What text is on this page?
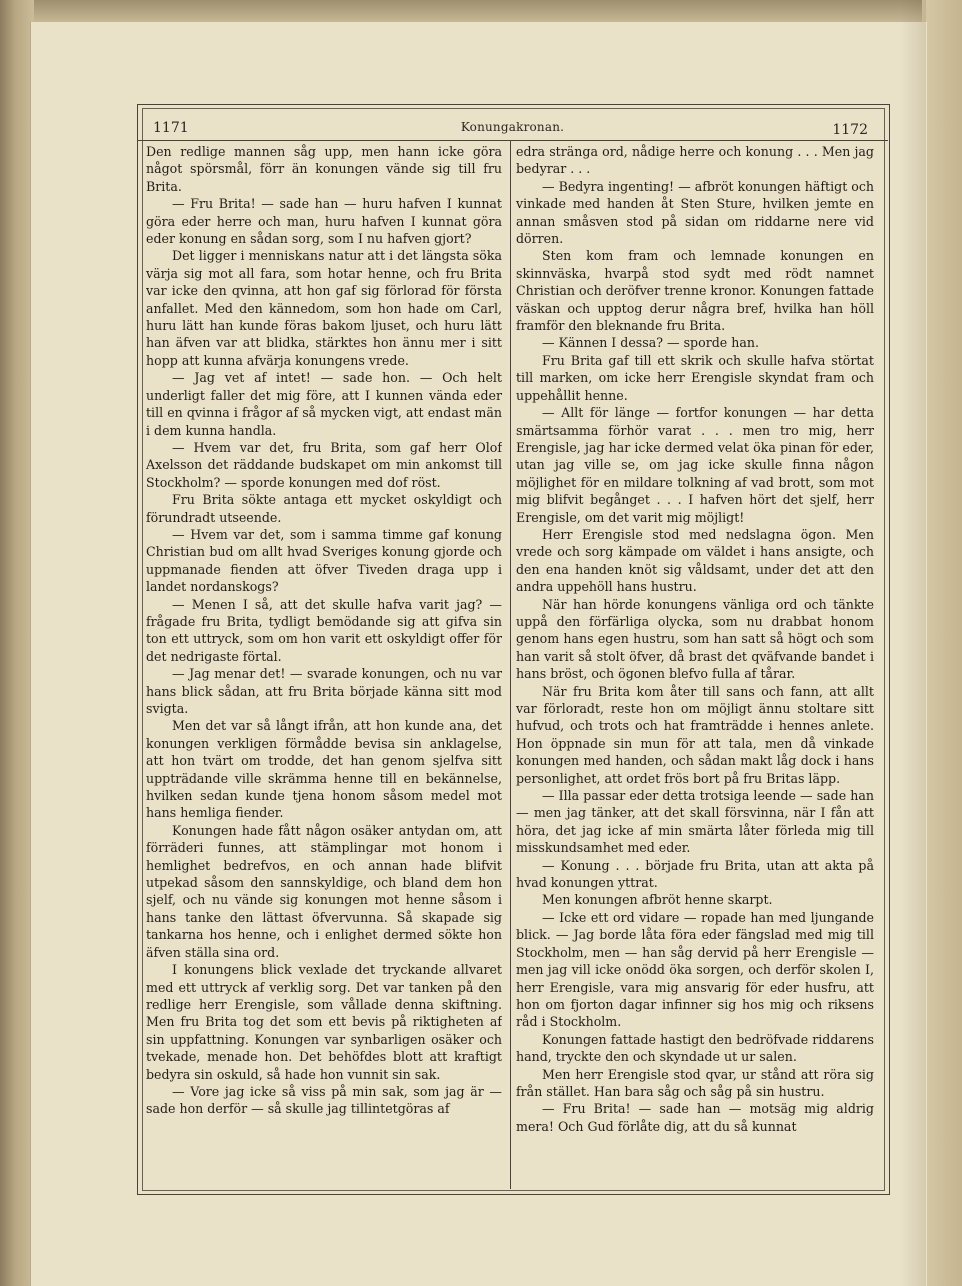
1171	Konungakronan.	1172

Den redlige mannen såg upp, men hann icke göra något spörsmål, förr än konungen vände sig till fru Brita.

— Fru Brita! — sade han — huru hafven I kunnat göra eder herre och man, huru hafven I kunnat göra eder konung en sådan sorg, som I nu hafven gjort?

Det ligger i menniskans natur att i det längsta söka värja sig mot all fara, som hotar henne, och fru Brita var icke den qvinna, att hon gaf sig förlorad för första anfallet. Med den kännedom, som hon hade om Carl, huru lätt han kunde föras bakom ljuset, och huru lätt han äfven var att blidka, stärktes hon ännu mer i sitt hopp att kunna afvärja konungens vrede.

— Jag vet af intet! — sade hon. — Och helt underligt faller det mig före, att I kunnen vända eder till en qvinna i frågor af så mycken vigt, att endast män i dem kunna handla.

— Hvem var det, fru Brita, som gaf herr Olof Axelsson det räddande budskapet om min ankomst till Stockholm? — sporde konungen med dof röst.

Fru Brita sökte antaga ett mycket oskyldigt och förundradt utseende.

— Hvem var det, som i samma timme gaf konung Christian bud om allt hvad Sveriges konung gjorde och uppmanade fienden att öfver Tiveden draga upp i landet nordanskogs?

— Menen I så, att det skulle hafva varit jag? — frågade fru Brita, tydligt bemödande sig att gifva sin ton ett uttryck, som om hon varit ett oskyldigt offer för det nedrigaste förtal.

— Jag menar det! — svarade konungen, och nu var hans blick sådan, att fru Brita började känna sitt mod svigta.

Men det var så långt ifrån, att hon kunde ana, det konungen verkligen förmådde bevisa sin anklagelse, att hon tvärt om trodde, det han genom sjelfva sitt uppträdande ville skrämma henne till en bekännelse, hvilken sedan kunde tjena honom såsom medel mot hans hemliga fiender.

Konungen hade fått någon osäker antydan om, att förräderi funnes, att stämplingar mot honom i hemlighet bedrefvos, en och annan hade blifvit utpekad såsom den sannskyldige, och bland dem hon sjelf, och nu vände sig konungen mot henne såsom i hans tanke den lättast öfvervunna. Så skapade sig tankarna hos henne, och i enlighet dermed sökte hon äfven ställa sina ord.

I konungens blick vexlade det tryckande allvaret med ett uttryck af verklig sorg. Det var tanken på den redlige herr Erengisle, som vållade denna skiftning. Men fru Brita tog det som ett bevis på riktigheten af sin uppfattning. Konungen var synbarligen osäker och tvekade, menade hon. Det behöfdes blott att kraftigt bedyra sin oskuld, så hade hon vunnit sin sak.

— Vore jag icke så viss på min sak, som jag är — sade hon derför — så skulle jag tillintetgöras af

edra stränga ord, nådige herre och konung . . . Men jag bedyrar . . .

— Bedyra ingenting! — afbröt konungen häftigt och vinkade med handen åt Sten Sture, hvilken jemte en annan småsven stod på sidan om riddarne nere vid dörren.

Sten kom fram och lemnade konungen en skinnväska, hvarpå stod sydt med rödt namnet Christian och deröfver trenne kronor. Konungen fattade väskan och upptog derur några bref, hvilka han höll framför den bleknande fru Brita.

— Kännen I dessa? — sporde han.

Fru Brita gaf till ett skrik och skulle hafva störtat till marken, om icke herr Erengisle skyndat fram och uppehållit henne.

— Allt för länge — fortfor konungen — har detta smärtsamma förhör varat . . . men tro mig, herr Erengisle, jag har icke dermed velat öka pinan för eder, utan jag ville se, om jag icke skulle finna någon möjlighet för en mildare tolkning af vad brott, som mot mig blifvit begånget . . . I hafven hört det sjelf, herr Erengisle, om det varit mig möjligt!

Herr Erengisle stod med nedslagna ögon. Men vrede och sorg kämpade om väldet i hans ansigte, och den ena handen knöt sig våldsamt, under det att den andra uppehöll hans hustru.

När han hörde konungens vänliga ord och tänkte uppå den förfärliga olycka, som nu drabbat honom genom hans egen hustru, som han satt så högt och som han varit så stolt öfver, då brast det qväfvande bandet i hans bröst, och ögonen blefvo fulla af tårar.

När fru Brita kom åter till sans och fann, att allt var förloradt, reste hon om möjligt ännu stoltare sitt hufvud, och trots och hat framträdde i hennes anlete. Hon öppnade sin mun för att tala, men då vinkade konungen med handen, och sådan makt låg dock i hans personlighet, att ordet frös bort på fru Britas läpp.

— Illa passar eder detta trotsiga leende — sade han — men jag tänker, att det skall försvinna, när I fån att höra, det jag icke af min smärta låter förleda mig till misskundsamhet med eder.

— Konung . . . började fru Brita, utan att akta på hvad konungen yttrat.

Men konungen afbröt henne skarpt.

— Icke ett ord vidare — ropade han med ljungande blick. — Jag borde låta föra eder fängslad med mig till Stockholm, men — han såg dervid på herr Erengisle — men jag vill icke onödd öka sorgen, och derför skolen I, herr Erengisle, vara mig ansvarig för eder husfru, att hon om fjorton dagar infinner sig hos mig och riksens råd i Stockholm.

Konungen fattade hastigt den bedröfvade riddarens hand, tryckte den och skyndade ut ur salen.

Men herr Erengisle stod qvar, ur stånd att röra sig från stället. Han bara såg och såg på sin hustru.

— Fru Brita! — sade han — motsäg mig aldrig mera! Och Gud förlåte dig, att du så kunnat
